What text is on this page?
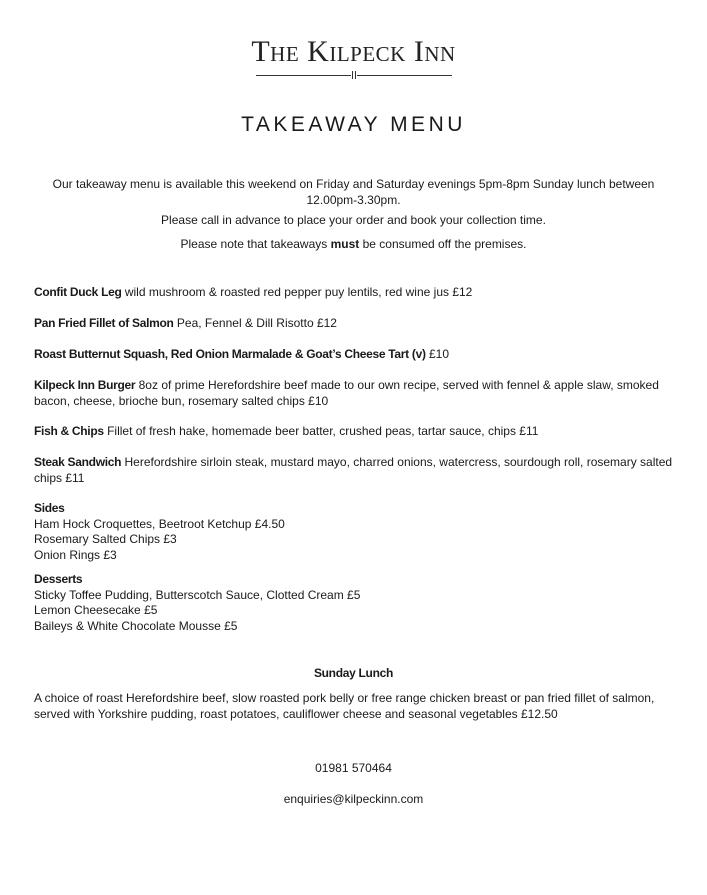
The Kilpeck Inn
TAKEAWAY MENU
Our takeaway menu is available this weekend on Friday and Saturday evenings 5pm-8pm Sunday lunch between 12.00pm-3.30pm.
Please call in advance to place your order and book your collection time.
Please note that takeaways must be consumed off the premises.
Confit Duck Leg wild mushroom & roasted red pepper puy lentils, red wine jus £12
Pan Fried Fillet of Salmon Pea, Fennel & Dill Risotto £12
Roast Butternut Squash, Red Onion Marmalade & Goat’s Cheese Tart (v) £10
Kilpeck Inn Burger 8oz of prime Herefordshire beef made to our own recipe, served with fennel & apple slaw, smoked bacon, cheese, brioche bun, rosemary salted chips £10
Fish & Chips Fillet of fresh hake, homemade beer batter, crushed peas, tartar sauce, chips £11
Steak Sandwich Herefordshire sirloin steak, mustard mayo, charred onions, watercress, sourdough roll, rosemary salted chips £11
Sides
Ham Hock Croquettes, Beetroot Ketchup £4.50
Rosemary Salted Chips £3
Onion Rings £3
Desserts
Sticky Toffee Pudding, Butterscotch Sauce, Clotted Cream £5
Lemon Cheesecake £5
Baileys & White Chocolate Mousse £5
Sunday Lunch
A choice of roast Herefordshire beef, slow roasted pork belly or free range chicken breast or pan fried fillet of salmon, served with Yorkshire pudding, roast potatoes, cauliflower cheese and seasonal vegetables £12.50
01981 570464
enquiries@kilpeckinn.com
